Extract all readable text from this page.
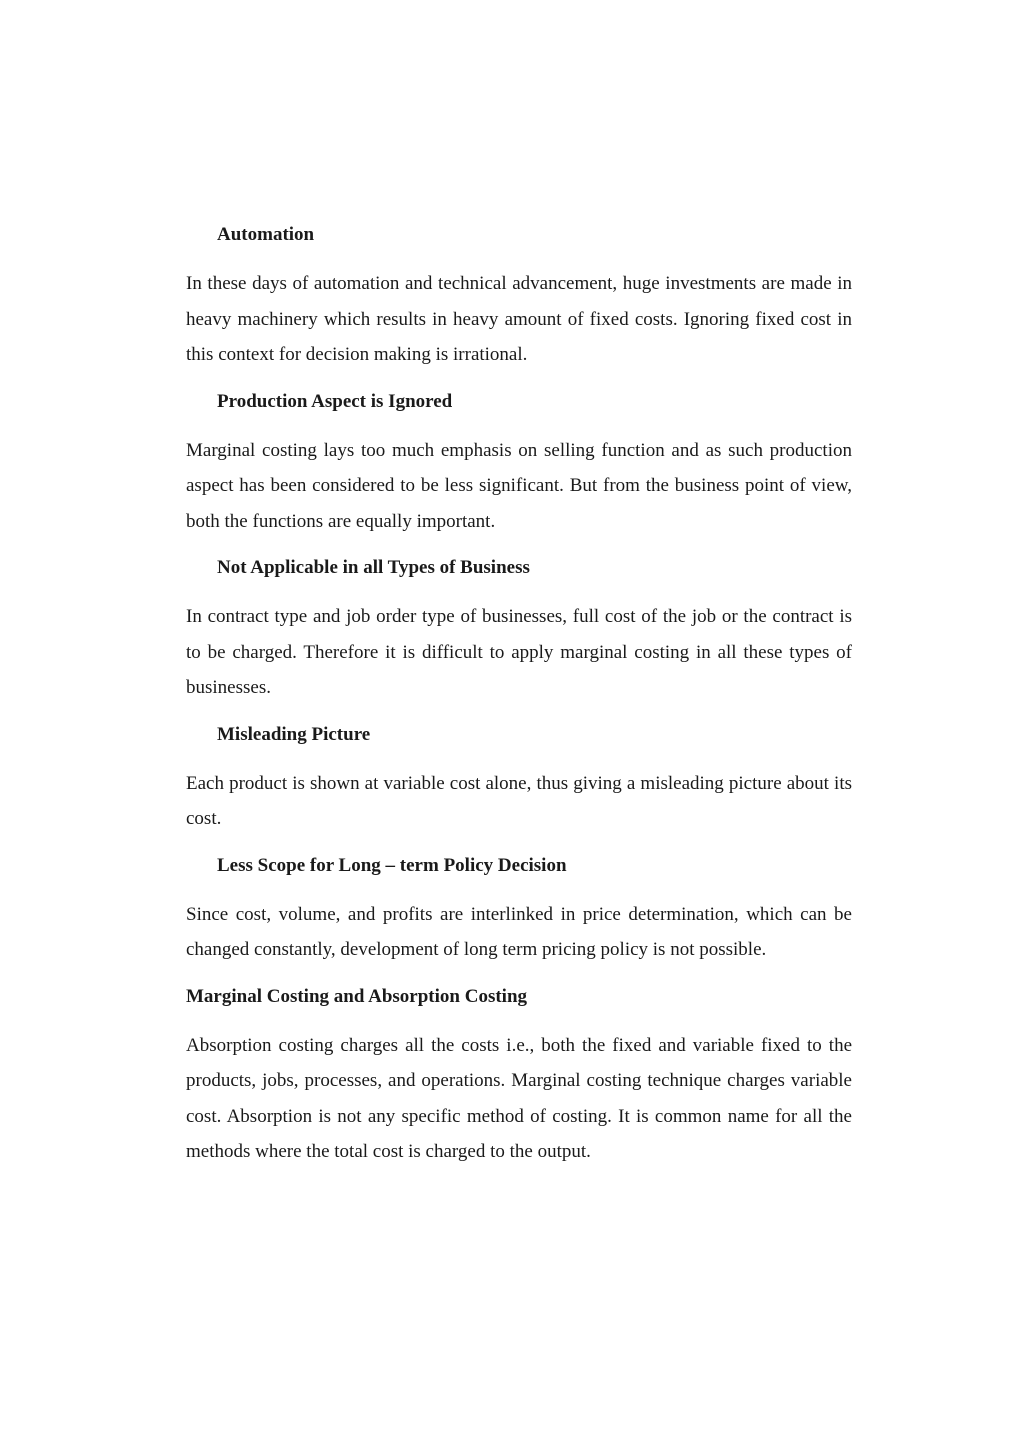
Automation

In these days of automation and technical advancement, huge investments are made in heavy machinery which results in heavy amount of fixed costs. Ignoring fixed cost in this context for decision making is irrational.

Production Aspect is Ignored

Marginal costing lays too much emphasis on selling function and as such production aspect has been considered to be less significant. But from the business point of view, both the functions are equally important.

Not Applicable in all Types of Business

In contract type and job order type of businesses, full cost of the job or the contract is to be charged. Therefore it is difficult to apply marginal costing in all these types of businesses.

Misleading Picture

Each product is shown at variable cost alone, thus giving a misleading picture about its cost.

Less Scope for Long – term Policy Decision

Since cost, volume, and profits are interlinked in price determination, which can be changed constantly, development of long term pricing policy is not possible.

Marginal Costing and Absorption Costing

Absorption costing charges all the costs i.e., both the fixed and variable fixed to the products, jobs, processes, and operations. Marginal costing technique charges variable cost. Absorption is not any specific method of costing. It is common name for all the methods where the total cost is charged to the output.
